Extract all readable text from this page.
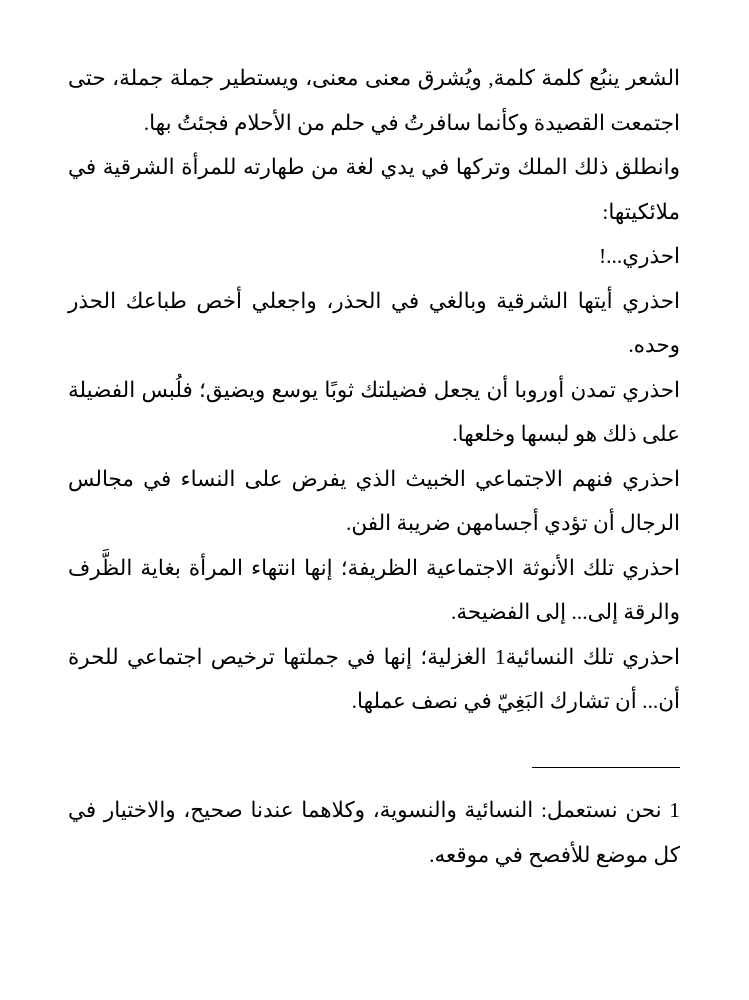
الشعر ينبُع كلمة كلمة, ويُشرق معنى معنى، ويستطير جملة جملة، حتى اجتمعت القصيدة وكأنما سافرتُ في حلم من الأحلام فجئتُ بها.

وانطلق ذلك الملك وتركها في يدي لغة من طهارته للمرأة الشرقية في ملائكيتها:

احذري...!

احذري أيتها الشرقية وبالغي في الحذر، واجعلي أخص طباعك الحذر وحده.

احذري تمدن أوروبا أن يجعل فضيلتك ثوبًا يوسع ويضيق؛ فلُبس الفضيلة على ذلك هو لبسها وخلعها.

احذري فنهم الاجتماعي الخبيث الذي يفرض على النساء في مجالس الرجال أن تؤدي أجسامهن ضريبة الفن.

احذري تلك الأنوثة الاجتماعية الظريفة؛ إنها انتهاء المرأة بغاية الظَّرف والرقة إلى... إلى الفضيحة.

احذري تلك النسائية1 الغزلية؛ إنها في جملتها ترخيص اجتماعي للحرة أن... أن تشارك البَغِيّ في نصف عملها.

1 نحن نستعمل: النسائية والنسوية، وكلاهما عندنا صحيح، والاختيار في كل موضع للأفصح في موقعه.
